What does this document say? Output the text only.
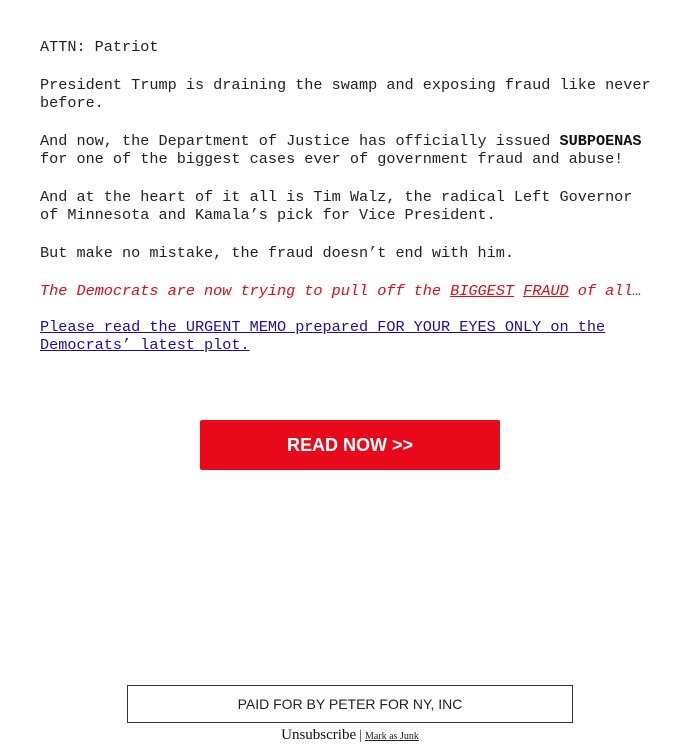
ATTN: Patriot

President Trump is draining the swamp and exposing fraud like never before.

And now, the Department of Justice has officially issued SUBPOENAS for one of the biggest cases ever of government fraud and abuse!

And at the heart of it all is Tim Walz, the radical Left Governor of Minnesota and Kamala’s pick for Vice President.

But make no mistake, the fraud doesn’t end with him.

The Democrats are now trying to pull off the BIGGEST FRAUD of all…

Please read the URGENT MEMO prepared FOR YOUR EYES ONLY on the Democrats’ latest plot.
READ NOW >>
PAID FOR BY PETER FOR NY, INC
Unsubscribe | Mark as Junk
